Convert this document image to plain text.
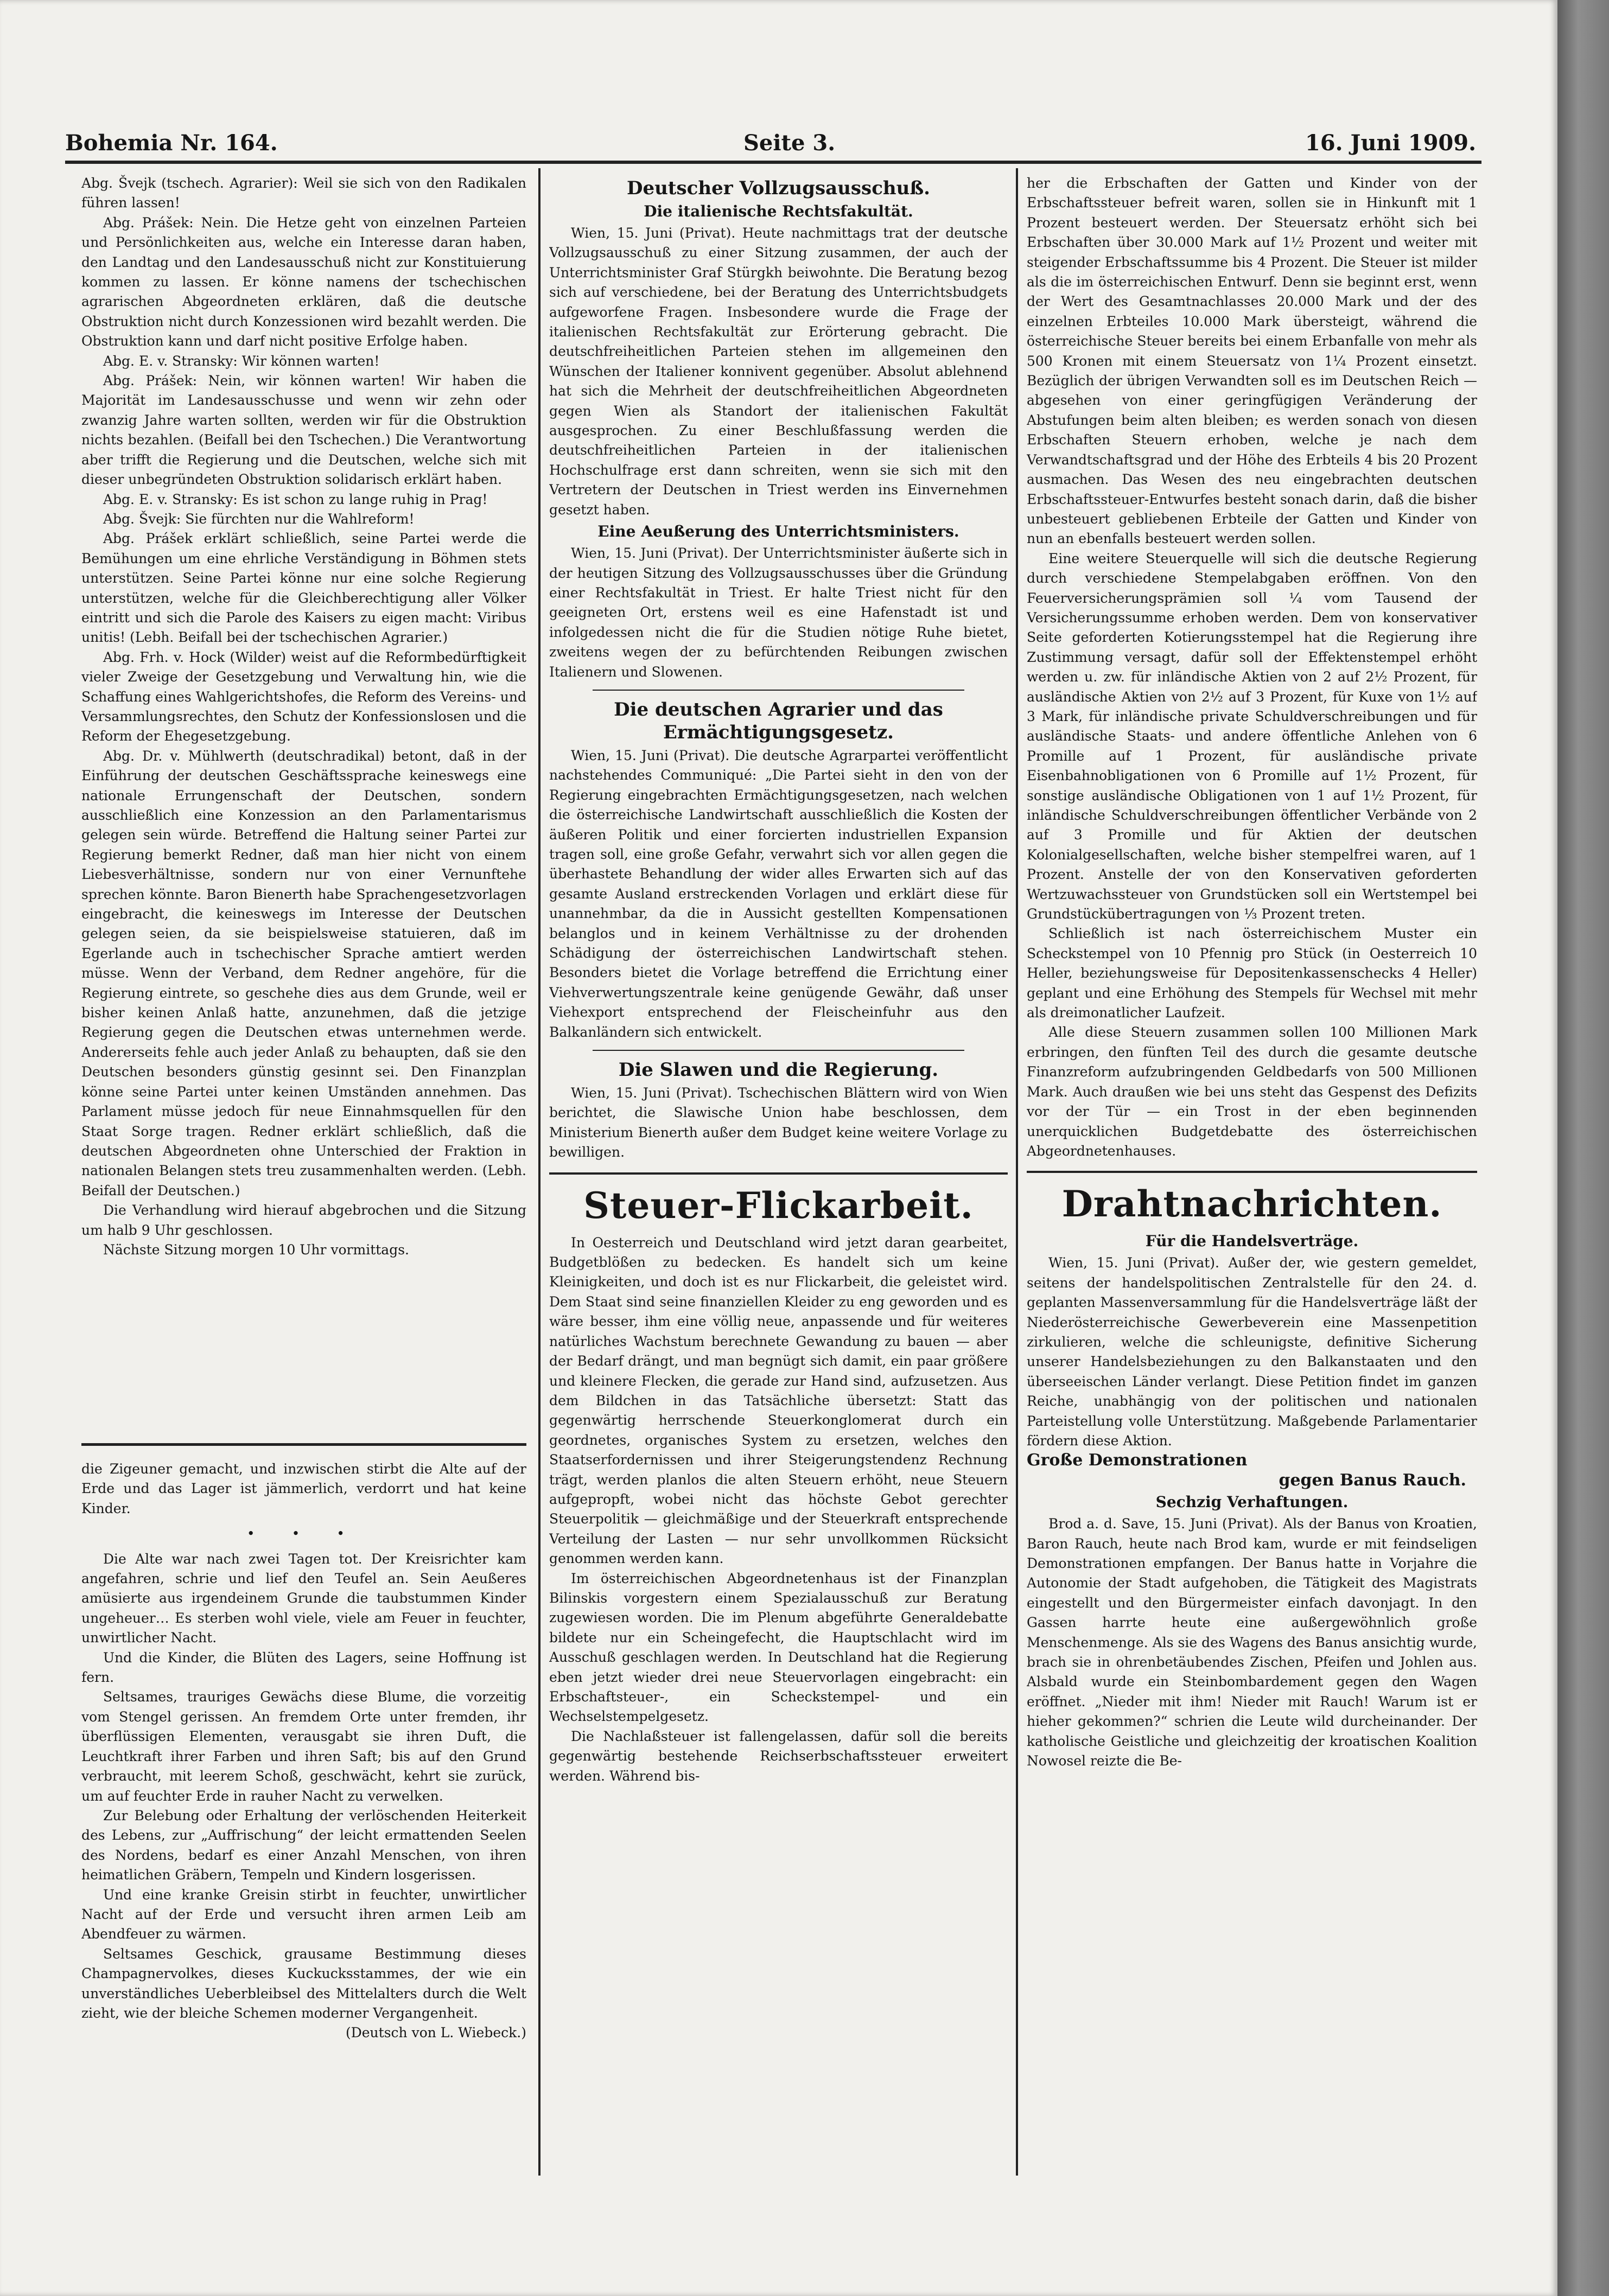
Bohemia Nr. 164.	Seite 3.	16. Juni 1909.

Abg. Švejk (tschech. Agrarier): Weil sie sich von den Radikalen führen lassen!

Abg. Prášek: Nein. Die Hetze geht von einzelnen Parteien und Persönlichkeiten aus, welche ein Interesse daran haben, den Landtag und den Landesausschuß nicht zur Konstituierung kommen zu lassen. Er könne namens der tschechischen agrarischen Abgeordneten erklären, daß die deutsche Obstruktion nicht durch Konzessionen wird bezahlt werden. Die Obstruktion kann und darf nicht positive Erfolge haben.

Abg. E. v. Stransky: Wir können warten!

Abg. Prášek: Nein, wir können warten! Wir haben die Majorität im Landesausschusse und wenn wir zehn oder zwanzig Jahre warten sollten, werden wir für die Obstruktion nichts bezahlen. (Beifall bei den Tschechen.) Die Verantwortung aber trifft die Regierung und die Deutschen, welche sich mit dieser unbegründeten Obstruktion solidarisch erklärt haben.

Abg. E. v. Stransky: Es ist schon zu lange ruhig in Prag!

Abg. Švejk: Sie fürchten nur die Wahlreform!

Abg. Prášek erklärt schließlich, seine Partei werde die Bemühungen um eine ehrliche Verständigung in Böhmen stets unterstützen. Seine Partei könne nur eine solche Regierung unterstützen, welche für die Gleichberechtigung aller Völker eintritt und sich die Parole des Kaisers zu eigen macht: Viribus unitis! (Lebh. Beifall bei der tschechischen Agrarier.)

Abg. Frh. v. Hock (Wilder) weist auf die Reformbedürftigkeit vieler Zweige der Gesetzgebung und Verwaltung hin, wie die Schaffung eines Wahlgerichtshofes, die Reform des Vereins- und Versammlungsrechtes, den Schutz der Konfessionslosen und die Reform der Ehegesetzgebung.

Abg. Dr. v. Mühlwerth (deutschradikal) betont, daß in der Einführung der deutschen Geschäftssprache keineswegs eine nationale Errungenschaft der Deutschen, sondern ausschließlich eine Konzession an den Parlamentarismus gelegen sein würde. Betreffend die Haltung seiner Partei zur Regierung bemerkt Redner, daß man hier nicht von einem Liebesverhältnisse, sondern nur von einer Vernunftehe sprechen könnte. Baron Bienerth habe Sprachengesetzvorlagen eingebracht, die keineswegs im Interesse der Deutschen gelegen seien, da sie beispielsweise statuieren, daß im Egerlande auch in tschechischer Sprache amtiert werden müsse. Wenn der Verband, dem Redner angehöre, für die Regierung eintrete, so geschehe dies aus dem Grunde, weil er bisher keinen Anlaß hatte, anzunehmen, daß die jetzige Regierung gegen die Deutschen etwas unternehmen werde. Andererseits fehle auch jeder Anlaß zu behaupten, daß sie den Deutschen besonders günstig gesinnt sei. Den Finanzplan könne seine Partei unter keinen Umständen annehmen. Das Parlament müsse jedoch für neue Einnahmsquellen für den Staat Sorge tragen. Redner erklärt schließlich, daß die deutschen Abgeordneten ohne Unterschied der Fraktion in nationalen Belangen stets treu zusammenhalten werden. (Lebh. Beifall der Deutschen.)

Die Verhandlung wird hierauf abgebrochen und die Sitzung um halb 9 Uhr geschlossen.

Nächste Sitzung morgen 10 Uhr vormittags.

die Zigeuner gemacht, und inzwischen stirbt die Alte auf der Erde und das Lager ist jämmerlich, verdorrt und hat keine Kinder.

• • •

Die Alte war nach zwei Tagen tot. Der Kreisrichter kam angefahren, schrie und lief den Teufel an. Sein Aeußeres amüsierte aus irgendeinem Grunde die taubstummen Kinder ungeheuer… Es sterben wohl viele, viele am Feuer in feuchter, unwirtlicher Nacht.

Und die Kinder, die Blüten des Lagers, seine Hoffnung ist fern.

Seltsames, trauriges Gewächs diese Blume, die vorzeitig vom Stengel gerissen. An fremdem Orte unter fremden, ihr überflüssigen Elementen, verausgabt sie ihren Duft, die Leuchtkraft ihrer Farben und ihren Saft; bis auf den Grund verbraucht, mit leerem Schoß, geschwächt, kehrt sie zurück, um auf feuchter Erde in rauher Nacht zu verwelken.

Zur Belebung oder Erhaltung der verlöschenden Heiterkeit des Lebens, zur „Auffrischung“ der leicht ermattenden Seelen des Nordens, bedarf es einer Anzahl Menschen, von ihren heimatlichen Gräbern, Tempeln und Kindern losgerissen.

Und eine kranke Greisin stirbt in feuchter, unwirtlicher Nacht auf der Erde und versucht ihren armen Leib am Abendfeuer zu wärmen.

Seltsames Geschick, grausame Bestimmung dieses Champagnervolkes, dieses Kuckucksstammes, der wie ein unverständliches Ueberbleibsel des Mittelalters durch die Welt zieht, wie der bleiche Schemen moderner Vergangenheit.

(Deutsch von L. Wiebeck.)

Deutscher Vollzugsausschuß.
Die italienische Rechtsfakultät.

Wien, 15. Juni (Privat). Heute nachmittags trat der deutsche Vollzugsausschuß zu einer Sitzung zusammen, der auch der Unterrichtsminister Graf Stürgkh beiwohnte. Die Beratung bezog sich auf verschiedene, bei der Beratung des Unterrichtsbudgets aufgeworfene Fragen. Insbesondere wurde die Frage der italienischen Rechtsfakultät zur Erörterung gebracht. Die deutschfreiheitlichen Parteien stehen im allgemeinen den Wünschen der Italiener konnivent gegenüber. Absolut ablehnend hat sich die Mehrheit der deutschfreiheitlichen Abgeordneten gegen Wien als Standort der italienischen Fakultät ausgesprochen. Zu einer Beschlußfassung werden die deutschfreiheitlichen Parteien in der italienischen Hochschulfrage erst dann schreiten, wenn sie sich mit den Vertretern der Deutschen in Triest werden ins Einvernehmen gesetzt haben.

Eine Aeußerung des Unterrichtsministers.

Wien, 15. Juni (Privat). Der Unterrichtsminister äußerte sich in der heutigen Sitzung des Vollzugsausschusses über die Gründung einer Rechtsfakultät in Triest. Er halte Triest nicht für den geeigneten Ort, erstens weil es eine Hafenstadt ist und infolgedessen nicht die für die Studien nötige Ruhe bietet, zweitens wegen der zu befürchtenden Reibungen zwischen Italienern und Slowenen.

Die deutschen Agrarier und das Ermächtigungsgesetz.

Wien, 15. Juni (Privat). Die deutsche Agrarpartei veröffentlicht nachstehendes Communiqué: „Die Partei sieht in den von der Regierung eingebrachten Ermächtigungsgesetzen, nach welchen die österreichische Landwirtschaft ausschließlich die Kosten der äußeren Politik und einer forcierten industriellen Expansion tragen soll, eine große Gefahr, verwahrt sich vor allen gegen die überhastete Behandlung der wider alles Erwarten sich auf das gesamte Ausland erstreckenden Vorlagen und erklärt diese für unannehmbar, da die in Aussicht gestellten Kompensationen belanglos und in keinem Verhältnisse zu der drohenden Schädigung der österreichischen Landwirtschaft stehen. Besonders bietet die Vorlage betreffend die Errichtung einer Viehverwertungszentrale keine genügende Gewähr, daß unser Viehexport entsprechend der Fleischeinfuhr aus den Balkanländern sich entwickelt.

Die Slawen und die Regierung.

Wien, 15. Juni (Privat). Tschechischen Blättern wird von Wien berichtet, die Slawische Union habe beschlossen, dem Ministerium Bienerth außer dem Budget keine weitere Vorlage zu bewilligen.

Steuer-Flickarbeit.

In Oesterreich und Deutschland wird jetzt daran gearbeitet, Budgetblößen zu bedecken. Es handelt sich um keine Kleinigkeiten, und doch ist es nur Flickarbeit, die geleistet wird. Dem Staat sind seine finanziellen Kleider zu eng geworden und es wäre besser, ihm eine völlig neue, anpassende und für weiteres natürliches Wachstum berechnete Gewandung zu bauen — aber der Bedarf drängt, und man begnügt sich damit, ein paar größere und kleinere Flecken, die gerade zur Hand sind, aufzusetzen. Aus dem Bildchen in das Tatsächliche übersetzt: Statt das gegenwärtig herrschende Steuerkonglomerat durch ein geordnetes, organisches System zu ersetzen, welches den Staatserfordernissen und ihrer Steigerungstendenz Rechnung trägt, werden planlos die alten Steuern erhöht, neue Steuern aufgepropft, wobei nicht das höchste Gebot gerechter Steuerpolitik — gleichmäßige und der Steuerkraft entsprechende Verteilung der Lasten — nur sehr unvollkommen Rücksicht genommen werden kann.

Im österreichischen Abgeordnetenhaus ist der Finanzplan Bilinskis vorgestern einem Spezialausschuß zur Beratung zugewiesen worden. Die im Plenum abgeführte Generaldebatte bildete nur ein Scheingefecht, die Hauptschlacht wird im Ausschuß geschlagen werden. In Deutschland hat die Regierung eben jetzt wieder drei neue Steuervorlagen eingebracht: ein Erbschaftsteuer-, ein Scheckstempel- und ein Wechselstempelgesetz.

Die Nachlaßsteuer ist fallengelassen, dafür soll die bereits gegenwärtig bestehende Reichserbschaftssteuer erweitert werden. Während bis-

her die Erbschaften der Gatten und Kinder von der Erbschaftssteuer befreit waren, sollen sie in Hinkunft mit 1 Prozent besteuert werden. Der Steuersatz erhöht sich bei Erbschaften über 30.000 Mark auf 1½ Prozent und weiter mit steigender Erbschaftssumme bis 4 Prozent. Die Steuer ist milder als die im österreichischen Entwurf. Denn sie beginnt erst, wenn der Wert des Gesamtnachlasses 20.000 Mark und der des einzelnen Erbteiles 10.000 Mark übersteigt, während die österreichische Steuer bereits bei einem Erbanfalle von mehr als 500 Kronen mit einem Steuersatz von 1¼ Prozent einsetzt. Bezüglich der übrigen Verwandten soll es im Deutschen Reich — abgesehen von einer geringfügigen Veränderung der Abstufungen beim alten bleiben; es werden sonach von diesen Erbschaften Steuern erhoben, welche je nach dem Verwandtschaftsgrad und der Höhe des Erbteils 4 bis 20 Prozent ausmachen. Das Wesen des neu eingebrachten deutschen Erbschaftssteuer-Entwurfes besteht sonach darin, daß die bisher unbesteuert gebliebenen Erbteile der Gatten und Kinder von nun an ebenfalls besteuert werden sollen.

Eine weitere Steuerquelle will sich die deutsche Regierung durch verschiedene Stempelabgaben eröffnen. Von den Feuerversicherungsprämien soll ¼ vom Tausend der Versicherungssumme erhoben werden. Dem von konservativer Seite geforderten Kotierungsstempel hat die Regierung ihre Zustimmung versagt, dafür soll der Effektenstempel erhöht werden u. zw. für inländische Aktien von 2 auf 2½ Prozent, für ausländische Aktien von 2½ auf 3 Prozent, für Kuxe von 1½ auf 3 Mark, für inländische private Schuldverschreibungen und für ausländische Staats- und andere öffentliche Anlehen von 6 Promille auf 1 Prozent, für ausländische private Eisenbahnobligationen von 6 Promille auf 1½ Prozent, für sonstige ausländische Obligationen von 1 auf 1½ Prozent, für inländische Schuldverschreibungen öffentlicher Verbände von 2 auf 3 Promille und für Aktien der deutschen Kolonialgesellschaften, welche bisher stempelfrei waren, auf 1 Prozent. Anstelle der von den Konservativen geforderten Wertzuwachssteuer von Grundstücken soll ein Wertstempel bei Grundstückübertragungen von ⅓ Prozent treten.

Schließlich ist nach österreichischem Muster ein Scheckstempel von 10 Pfennig pro Stück (in Oesterreich 10 Heller, beziehungsweise für Depositenkassenschecks 4 Heller) geplant und eine Erhöhung des Stempels für Wechsel mit mehr als dreimonatlicher Laufzeit.

Alle diese Steuern zusammen sollen 100 Millionen Mark erbringen, den fünften Teil des durch die gesamte deutsche Finanzreform aufzubringenden Geldbedarfs von 500 Millionen Mark. Auch draußen wie bei uns steht das Gespenst des Defizits vor der Tür — ein Trost in der eben beginnenden unerquicklichen Budgetdebatte des österreichischen Abgeordnetenhauses.

Drahtnachrichten.
Für die Handelsverträge.

Wien, 15. Juni (Privat). Außer der, wie gestern gemeldet, seitens der handelspolitischen Zentralstelle für den 24. d. geplanten Massenversammlung für die Handelsverträge läßt der Niederösterreichische Gewerbeverein eine Massenpetition zirkulieren, welche die schleunigste, definitive Sicherung unserer Handelsbeziehungen zu den Balkanstaaten und den überseeischen Länder verlangt. Diese Petition findet im ganzen Reiche, unabhängig von der politischen und nationalen Parteistellung volle Unterstützung. Maßgebende Parlamentarier fördern diese Aktion.

Große Demonstrationen

gegen Banus Rauch.

Sechzig Verhaftungen.

Brod a. d. Save, 15. Juni (Privat). Als der Banus von Kroatien, Baron Rauch, heute nach Brod kam, wurde er mit feindseligen Demonstrationen empfangen. Der Banus hatte in Vorjahre die Autonomie der Stadt aufgehoben, die Tätigkeit des Magistrats eingestellt und den Bürgermeister einfach davonjagt. In den Gassen harrte heute eine außergewöhnlich große Menschenmenge. Als sie des Wagens des Banus ansichtig wurde, brach sie in ohrenbetäubendes Zischen, Pfeifen und Johlen aus. Alsbald wurde ein Steinbombardement gegen den Wagen eröffnet. „Nieder mit ihm! Nieder mit Rauch! Warum ist er hieher gekommen?“ schrien die Leute wild durcheinander. Der katholische Geistliche und gleichzeitig der kroatischen Koalition Nowosel reizte die Be-
